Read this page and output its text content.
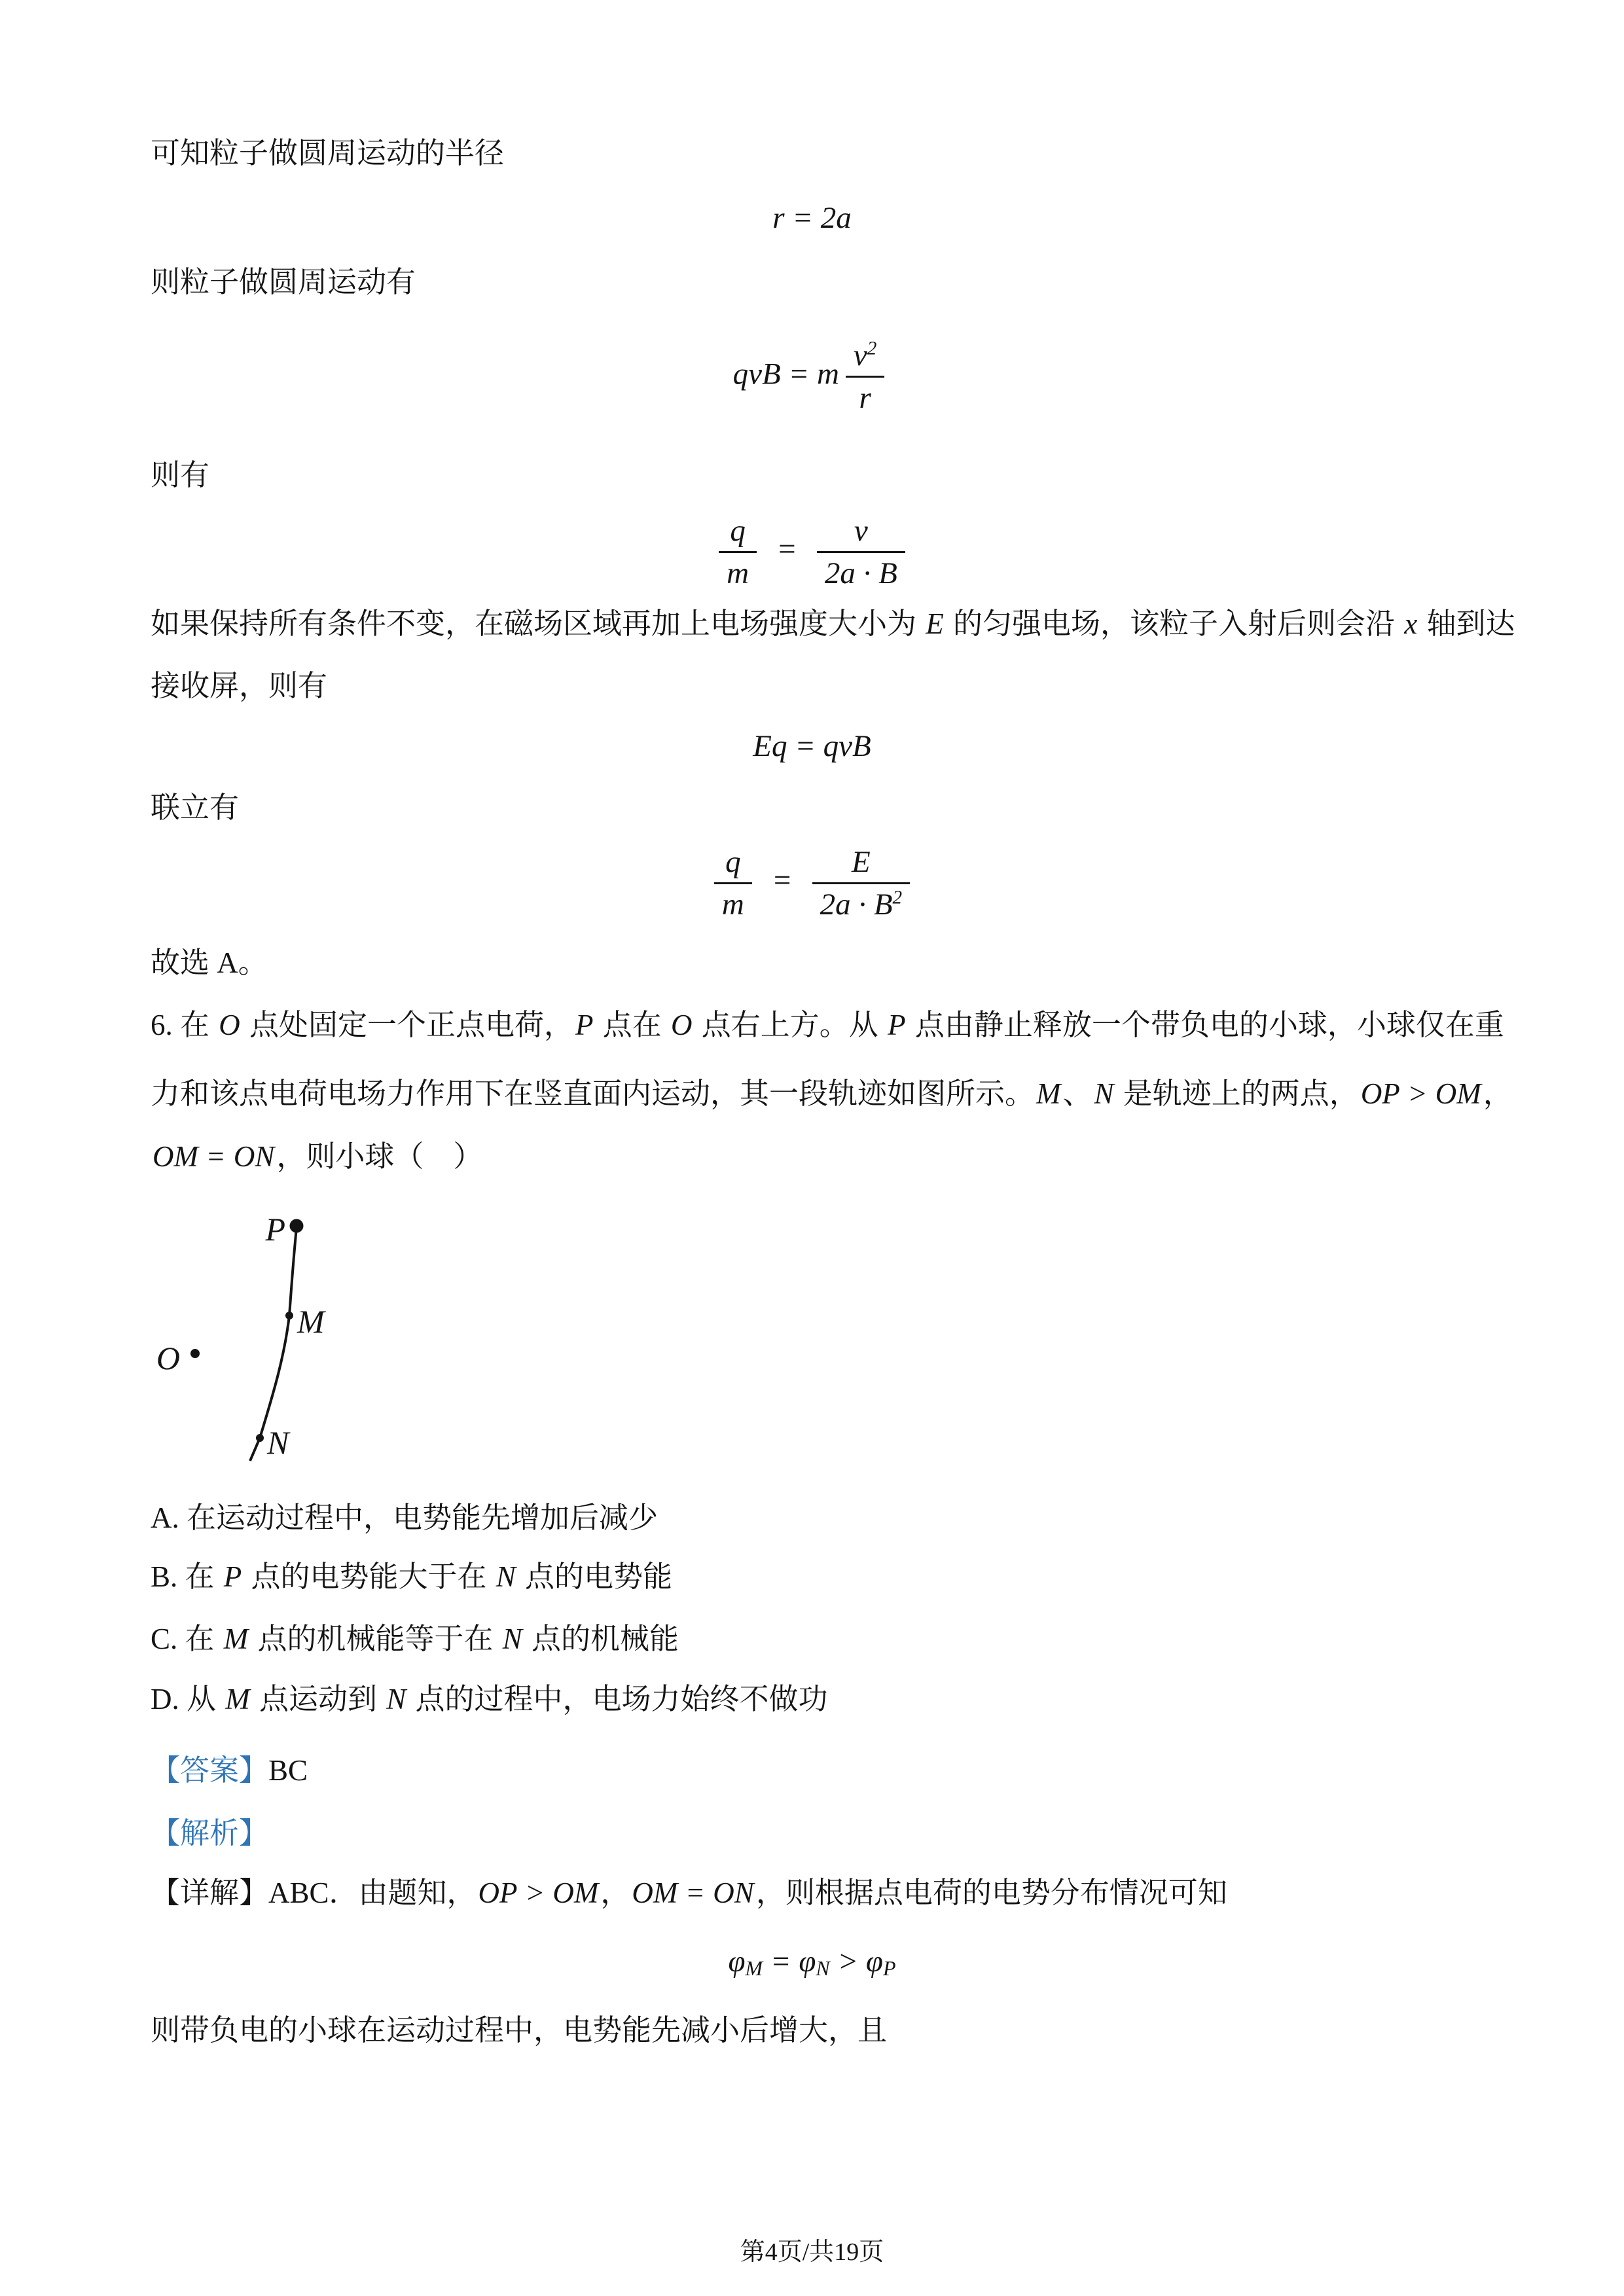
可知粒子做圆周运动的半径

r = 2a

则粒子做圆周运动有

qvB = m $\frac{v^2}{r}$

则有

$\frac{q}{m} = \frac{v}{2a \cdot B}$

如果保持所有条件不变，在磁场区域再加上电场强度大小为 E 的匀强电场，该粒子入射后则会沿 x 轴到达

接收屏，则有

Eq = qvB

联立有

$\frac{q}{m} = \frac{E}{2a \cdot B^2}$

故选 A。

6. 在 O 点处固定一个正点电荷，P 点在 O 点右上方。从 P 点由静止释放一个带负电的小球，小球仅在重

力和该点电荷电场力作用下在竖直面内运动，其一段轨迹如图所示。M、N 是轨迹上的两点，OP > OM，

OM = ON，则小球（　）

P
M
O
N

A. 在运动过程中，电势能先增加后减少

B. 在 P 点的电势能大于在 N 点的电势能

C. 在 M 点的机械能等于在 N 点的机械能

D. 从 M 点运动到 N 点的过程中，电场力始终不做功

【答案】BC

【解析】

【详解】ABC．由题知，OP > OM，OM = ON，则根据点电荷的电势分布情况可知

$\varphi_M = \varphi_N > \varphi_P$

则带负电的小球在运动过程中，电势能先减小后增大，且

第4页/共19页
